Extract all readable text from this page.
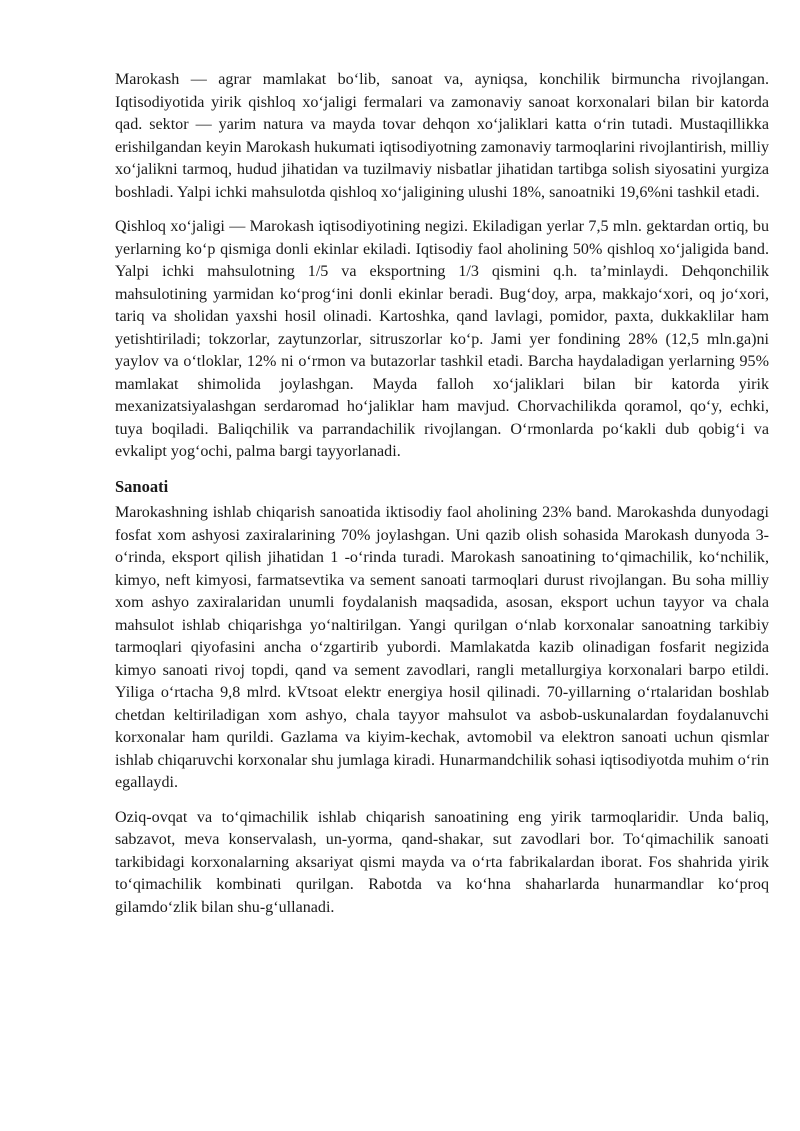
Marokash — agrar mamlakat bo‘lib, sanoat va, ayniqsa, konchilik birmuncha rivojlangan. Iqtisodiyotida yirik qishloq xo‘jaligi fermalari va zamonaviy sanoat korxonalari bilan bir katorda qad. sektor — yarim natura va mayda tovar dehqon xo‘jaliklari katta o‘rin tutadi. Mustaqillikka erishilgandan keyin Marokash hukumati iqtisodiyotning zamonaviy tarmoqlarini rivojlantirish, milliy xo‘jalikni tarmoq, hudud jihatidan va tuzilmaviy nisbatlar jihatidan tartibga solish siyosatini yurgiza boshladi. Yalpi ichki mahsulotda qishloq xo‘jaligining ulushi 18%, sanoatniki 19,6%ni tashkil etadi.

Qishloq xo‘jaligi — Marokash iqtisodiyotining negizi. Ekiladigan yerlar 7,5 mln. gektardan ortiq, bu yerlarning ko‘p qismiga donli ekinlar ekiladi. Iqtisodiy faol aholining 50% qishloq xo‘jaligida band. Yalpi ichki mahsulotning 1/5 va eksportning 1/3 qismini q.h. ta’minlaydi. Dehqonchilik mahsulotining yarmidan ko‘prog‘ini donli ekinlar beradi. Bug‘doy, arpa, makkajo‘xori, oq jo‘xori, tariq va sholidan yaxshi hosil olinadi. Kartoshka, qand lavlagi, pomidor, paxta, dukkaklilar ham yetishtiriladi; tokzorlar, zaytunzorlar, sitruszorlar ko‘p. Jami yer fondining 28% (12,5 mln.ga)ni yaylov va o‘tloklar, 12% ni o‘rmon va butazorlar tashkil etadi. Barcha haydaladigan yerlarning 95% mamlakat shimolida joylashgan. Mayda falloh xo‘jaliklari bilan bir katorda yirik mexanizatsiyalashgan serdaromad ho‘jaliklar ham mavjud. Chorvachilikda qoramol, qo‘y, echki, tuya boqiladi. Baliqchilik va parrandachilik rivojlangan. O‘rmonlarda po‘kakli dub qobig‘i va evkalipt yog‘ochi, palma bargi tayyorlanadi.

Sanoati

Marokashning ishlab chiqarish sanoatida iktisodiy faol aholining 23% band. Marokashda dunyodagi fosfat xom ashyosi zaxiralarining 70% joylashgan. Uni qazib olish sohasida Marokash dunyoda 3-o‘rinda, eksport qilish jihatidan 1 -o‘rinda turadi. Marokash sanoatining to‘qimachilik, ko‘nchilik, kimyo, neft kimyosi, farmatsevtika va sement sanoati tarmoqlari durust rivojlangan. Bu soha milliy xom ashyo zaxiralaridan unumli foydalanish maqsadida, asosan, eksport uchun tayyor va chala mahsulot ishlab chiqarishga yo‘naltirilgan. Yangi qurilgan o‘nlab korxonalar sanoatning tarkibiy tarmoqlari qiyofasini ancha o‘zgartirib yubordi. Mamlakatda kazib olinadigan fosfarit negizida kimyo sanoati rivoj topdi, qand va sement zavodlari, rangli metallurgiya korxonalari barpo etildi. Yiliga o‘rtacha 9,8 mlrd. kVtsoat elektr energiya hosil qilinadi. 70-yillarning o‘rtalaridan boshlab chetdan keltiriladigan xom ashyo, chala tayyor mahsulot va asbob-uskunalardan foydalanuvchi korxonalar ham qurildi. Gazlama va kiyim-kechak, avtomobil va elektron sanoati uchun qismlar ishlab chiqaruvchi korxonalar shu jumlaga kiradi. Hunarmandchilik sohasi iqtisodiyotda muhim o‘rin egallaydi.

Oziq-ovqat va to‘qimachilik ishlab chiqarish sanoatining eng yirik tarmoqlaridir. Unda baliq, sabzavot, meva konservalash, un-yorma, qand-shakar, sut zavodlari bor. To‘qimachilik sanoati tarkibidagi korxonalarning aksariyat qismi mayda va o‘rta fabrikalardan iborat. Fos shahrida yirik to‘qimachilik kombinati qurilgan. Rabotda va ko‘hna shaharlarda hunarmandlar ko‘proq gilamdo‘zlik bilan shu-g‘ullanadi.
